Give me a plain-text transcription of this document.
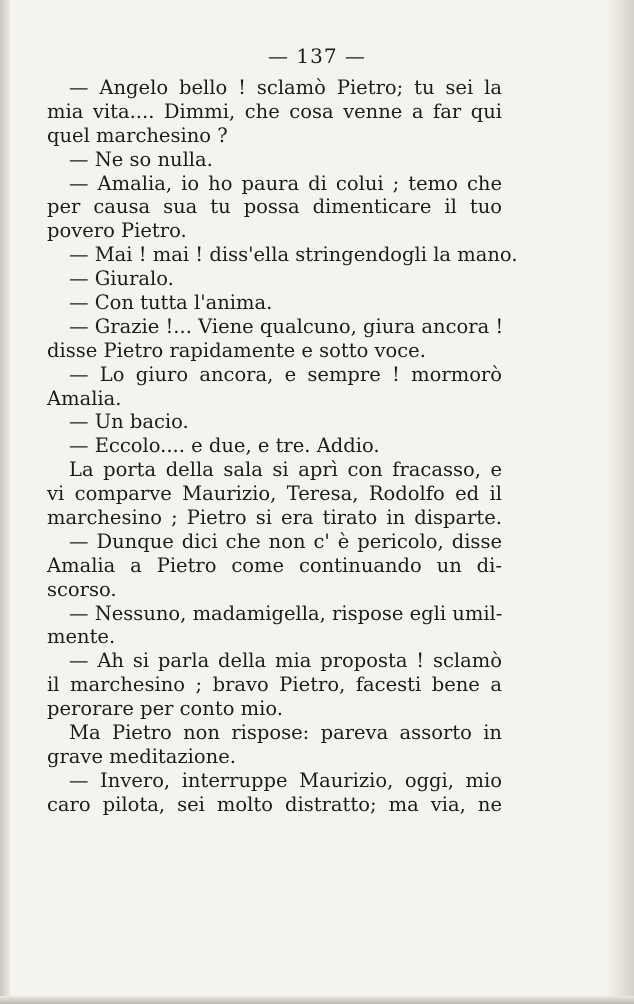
— 137 —
— Angelo bello ! sclamò Pietro; tu sei la
mia vita.... Dimmi, che cosa venne a far qui
quel marchesino ?
— Ne so nulla.
— Amalia, io ho paura di colui ; temo che
per causa sua tu possa dimenticare il tuo
povero Pietro.
— Mai ! mai ! diss'ella stringendogli la mano.
— Giuralo.
— Con tutta l'anima.
— Grazie !... Viene qualcuno, giura ancora !
disse Pietro rapidamente e sotto voce.
— Lo giuro ancora, e sempre ! mormorò
Amalia.
— Un bacio.
— Eccolo.... e due, e tre. Addio.
La porta della sala si aprì con fracasso, e
vi comparve Maurizio, Teresa, Rodolfo ed il
marchesino ; Pietro si era tirato in disparte.
— Dunque dici che non c' è pericolo, disse
Amalia a Pietro come continuando un di-
scorso.
— Nessuno, madamigella, rispose egli umil-
mente.
— Ah si parla della mia proposta ! sclamò
il marchesino ; bravo Pietro, facesti bene a
perorare per conto mio.
Ma Pietro non rispose: pareva assorto in
grave meditazione.
— Invero, interruppe Maurizio, oggi, mio
caro pilota, sei molto distratto; ma via, ne
